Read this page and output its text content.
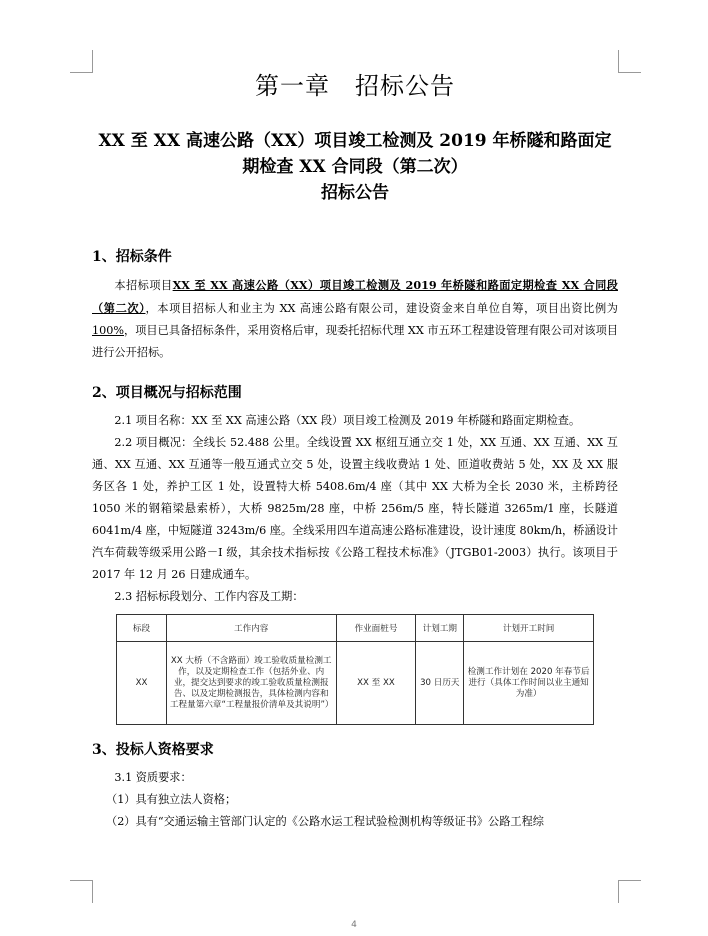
第一章　招标公告
XX 至 XX 高速公路（XX）项目竣工检测及 2019 年桥隧和路面定
期检查 XX 合同段（第二次）
招标公告
1、招标条件

本招标项目XX 至 XX 高速公路（XX）项目竣工检测及 2019 年桥隧和路面定期检查 XX 合同段（第二次），本项目招标人和业主为 XX 高速公路有限公司，建设资金来自单位自筹，项目出资比例为100%，项目已具备招标条件，采用资格后审，现委托招标代理 XX 市五环工程建设管理有限公司对该项目进行公开招标。

2、项目概况与招标范围

2.1 项目名称：XX 至 XX 高速公路（XX 段）项目竣工检测及 2019 年桥隧和路面定期检查。

2.2 项目概况：全线长 52.488 公里。全线设置 XX 枢纽互通立交 1 处，XX 互通、XX 互通、XX 互通、XX 互通、XX 互通等一般互通式立交 5 处，设置主线收费站 1 处、匝道收费站 5 处，XX 及 XX 服务区各 1 处，养护工区 1 处，设置特大桥 5408.6m/4 座（其中 XX 大桥为全长 2030 米，主桥跨径 1050 米的钢箱梁悬索桥），大桥 9825m/28 座，中桥 256m/5 座，特长隧道 3265m/1 座，长隧道 6041m/4 座，中短隧道 3243m/6 座。全线采用四车道高速公路标准建设，设计速度 80km/h，桥涵设计汽车荷载等级采用公路－I 级，其余技术指标按《公路工程技术标准》（JTGB01-2003）执行。该项目于 2017 年 12 月 26 日建成通车。

2.3 招标标段划分、工作内容及工期：

标段	工作内容	作业面桩号	计划工期	计划开工时间
XX	XX 大桥（不含路面）竣工验收质量检测工作，以及定期检查工作（包括外业、内业，提交达到要求的竣工验收质量检测报告、以及定期检测报告，具体检测内容和工程量第六章“工程量报价清单及其说明”）	XX 至 XX	30 日历天	检测工作计划在 2020 年春节后进行（具体工作时间以业主通知为准）
3、投标人资格要求

3.1 资质要求：

（1）具有独立法人资格；

（2）具有“交通运输主管部门认定的《公路水运工程试验检测机构等级证书》公路工程综

4
